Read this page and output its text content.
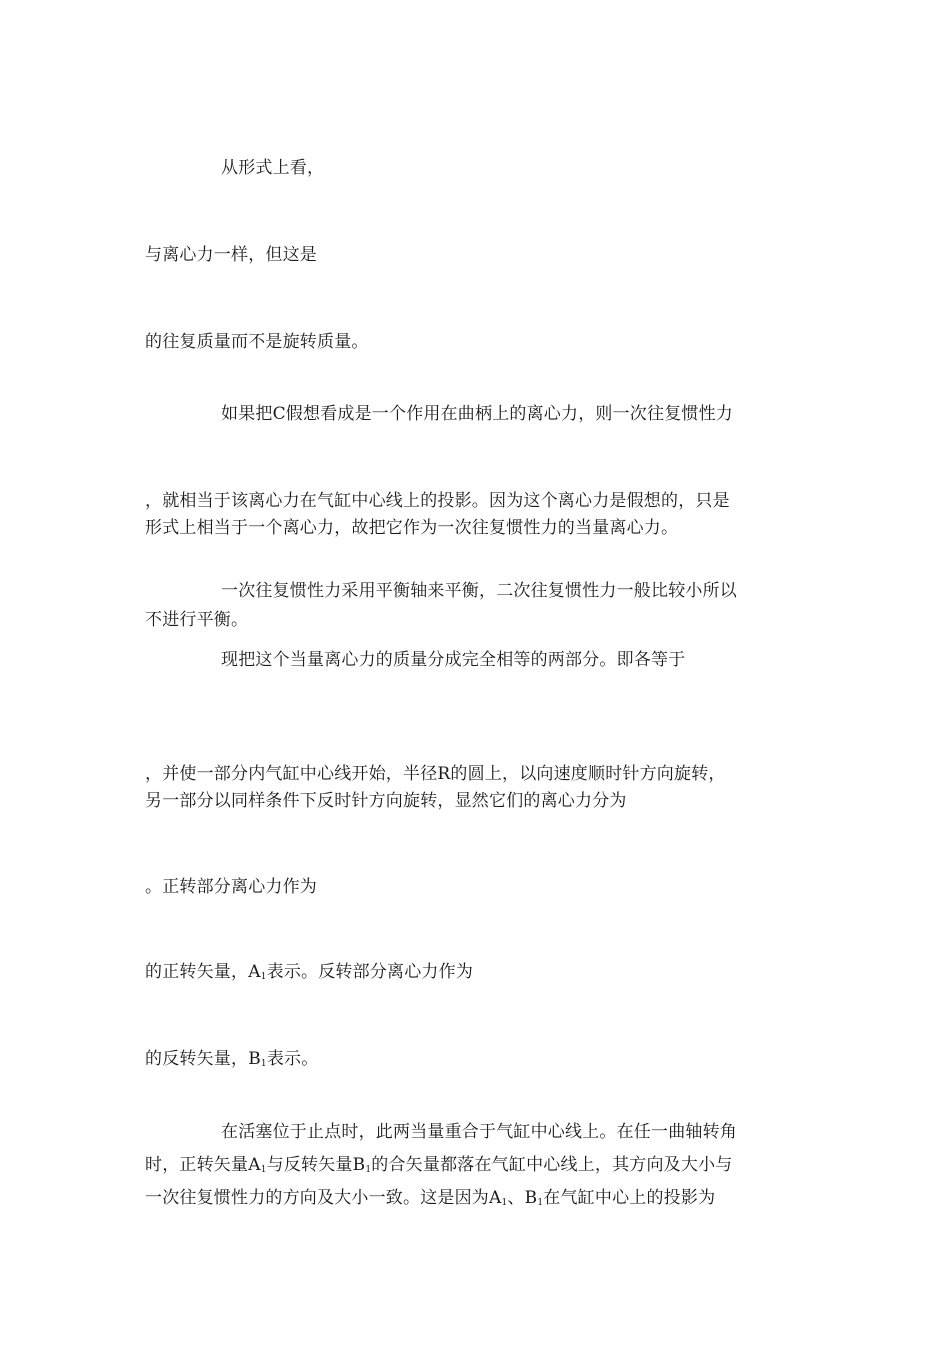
从形式上看，
与离心力一样，但这是
的往复质量而不是旋转质量。
如果把C假想看成是一个作用在曲柄上的离心力，则一次往复惯性力
，就相当于该离心力在气缸中心线上的投影。因为这个离心力是假想的，只是
形式上相当于一个离心力，故把它作为一次往复惯性力的当量离心力。
一次往复惯性力采用平衡轴来平衡，二次往复惯性力一般比较小所以
不进行平衡。
现把这个当量离心力的质量分成完全相等的两部分。即各等于
，并使一部分内气缸中心线开始，半径R的圆上，以向速度顺时针方向旋转，
另一部分以同样条件下反时针方向旋转，显然它们的离心力分为
。正转部分离心力作为
的正转矢量，$A_1$表示。反转部分离心力作为
的反转矢量，$B_1$表示。
在活塞位于止点时，此两当量重合于气缸中心线上。在任一曲轴转角
时，正转矢量$A_1$与反转矢量$B_1$的合矢量都落在气缸中心线上，其方向及大小与
一次往复惯性力的方向及大小一致。这是因为$A_1$、$B_1$在气缸中心上的投影为
